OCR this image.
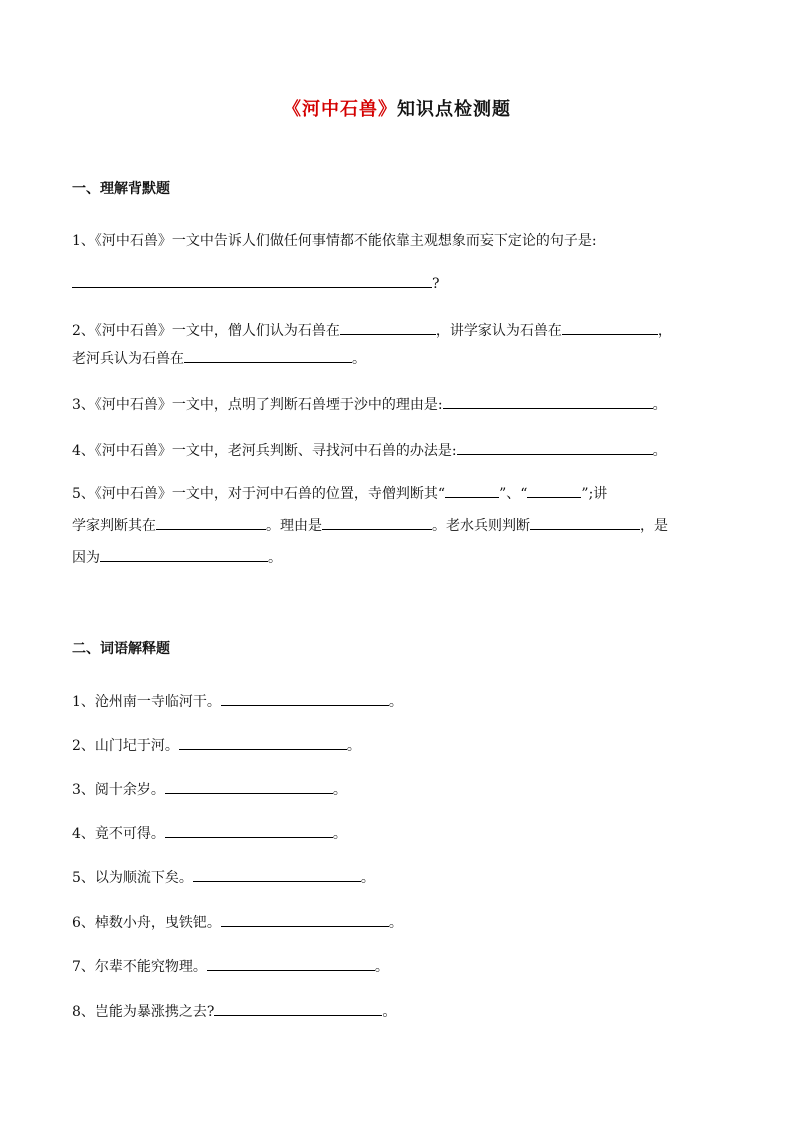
《河中石兽》知识点检测题
一、理解背默题
1、《河中石兽》一文中告诉人们做任何事情都不能依靠主观想象而妄下定论的句子是:
?
2、《河中石兽》一文中，僧人们认为石兽在	，讲学家认为石兽在	，
老河兵认为石兽在	。
3、《河中石兽》一文中，点明了判断石兽堙于沙中的理由是:	。
4、《河中石兽》一文中，老河兵判断、寻找河中石兽的办法是:	。
5、《河中石兽》一文中，对于河中石兽的位置，寺僧判断其“	”、“	”;讲
学家判断其在	。理由是	。老水兵则判断	，是
因为	。
二、词语解释题
1、沧州南一寺临河干。	。
2、山门圮于河。	。
3、阅十余岁。	。
4、竟不可得。	。
5、以为顺流下矣。	。
6、棹数小舟，曳铁钯。	。
7、尔辈不能究物理。	。
8、岂能为暴涨携之去?	。
